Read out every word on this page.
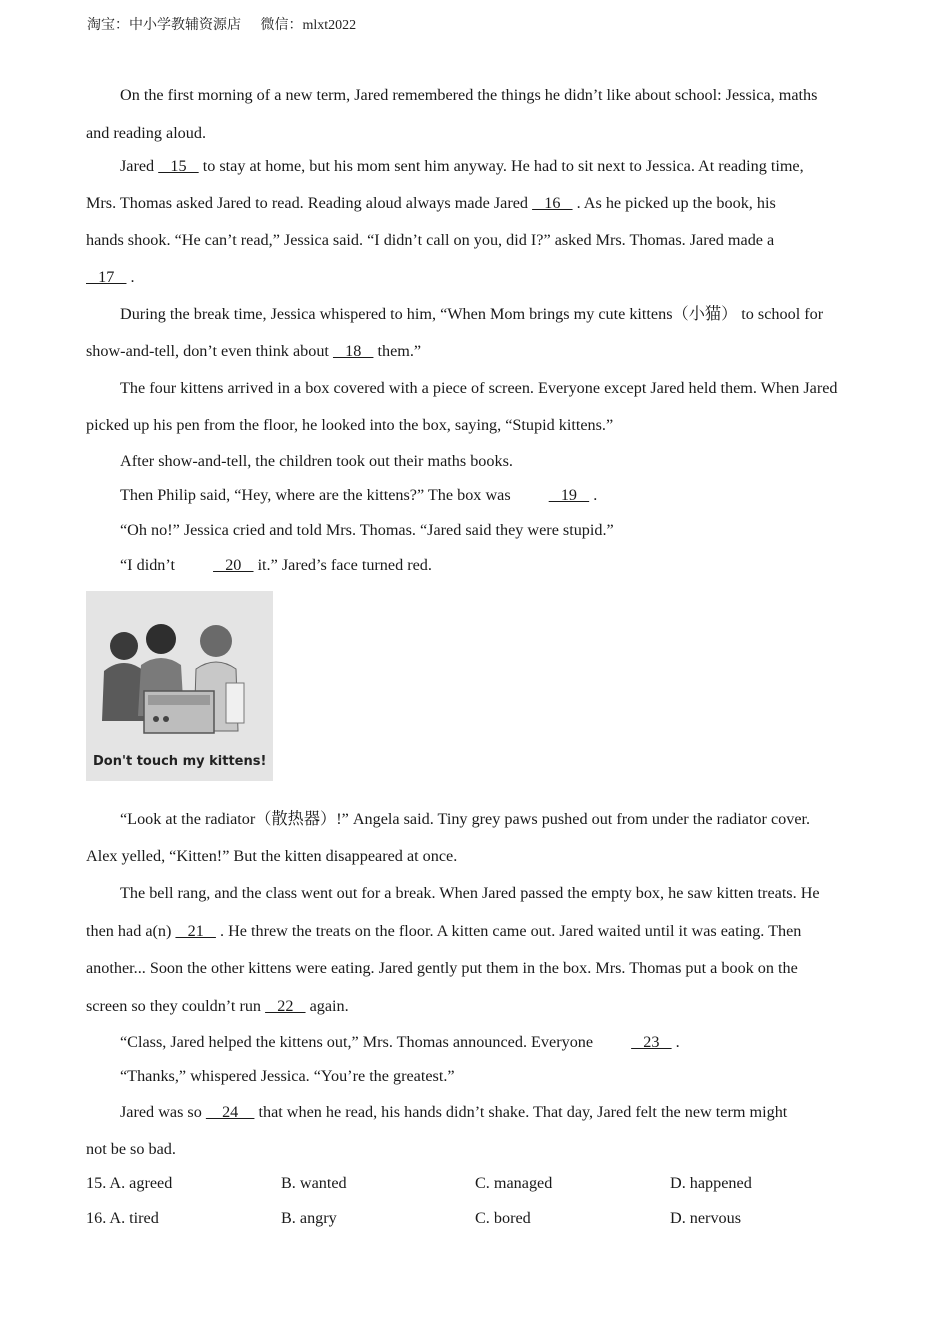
淘宝：中小学教辅资源店 微信：mlxt2022

On the first morning of a new term, Jared remembered the things he didn’t like about school: Jessica, maths
and reading aloud.

Jared    15    to stay at home, but his mom sent him anyway. He had to sit next to Jessica. At reading time,
Mrs. Thomas asked Jared to read. Reading aloud always made Jared    16    . As he picked up the book, his
hands shook. “He can’t read,” Jessica said. “I didn’t call on you, did I?” asked Mrs. Thomas. Jared made a
17    .

During the break time, Jessica whispered to him, “When Mom brings my cute kittens（小猫） to school for
show-and-tell, don’t even think about    18    them.”

The four kittens arrived in a box covered with a piece of screen. Everyone except Jared held them. When Jared
picked up his pen from the floor, he looked into the box, saying, “Stupid kittens.”

After show-and-tell, the children took out their maths books.

Then Philip said, “Hey, where are the kittens?” The box was    19    .

“Oh no!” Jessica cried and told Mrs. Thomas. “Jared said they were stupid.”

“I didn’t    20    it.” Jared’s face turned red.

Don't touch my kittens!

“Look at the radiator（散热器）!” Angela said. Tiny grey paws pushed out from under the radiator cover.
Alex yelled, “Kitten!” But the kitten disappeared at once.

The bell rang, and the class went out for a break. When Jared passed the empty box, he saw kitten treats. He
then had a(n)    21    . He threw the treats on the floor. A kitten came out. Jared waited until it was eating. Then
another... Soon the other kittens were eating. Jared gently put them in the box. Mrs. Thomas put a book on the
screen so they couldn’t run    22    again.

“Class, Jared helped the kittens out,” Mrs. Thomas announced. Everyone    23    .

“Thanks,” whispered Jessica. “You’re the greatest.”

Jared was so     24     that when he read, his hands didn’t shake. That day, Jared felt the new term might
not be so bad.

15. A. agreed	B. wanted	C. managed	D. happened
16. A. tired	B. angry	C. bored	D. nervous
